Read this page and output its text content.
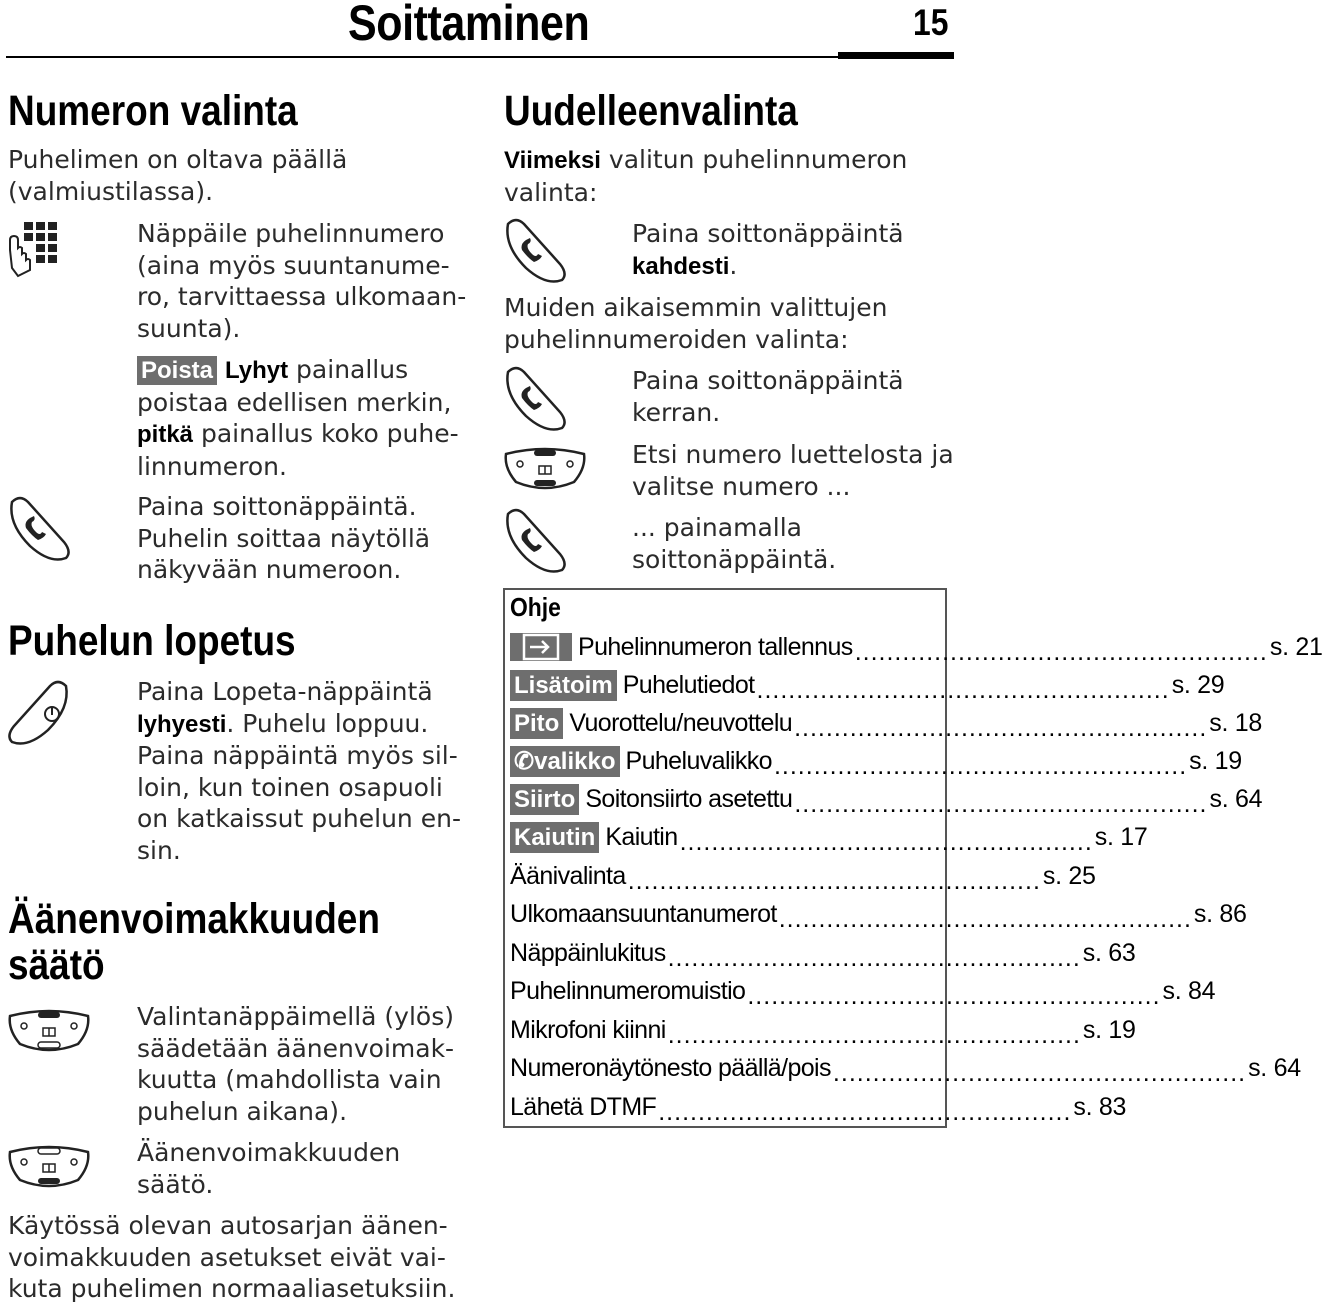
Soittaminen	15
Numeron valinta
Puhelimen on oltava päällä
(valmiustilassa).
Näppäile puhelinnumero
(aina myös suuntanume-
ro, tarvittaessa ulkomaan-
suunta).
Poista Lyhyt painallus
poistaa edellisen merkin,
pitkä painallus koko puhe-
linnumeron.
Paina soittonäppäintä.
Puhelin soittaa näytöllä
näkyvään numeroon.
Puhelun lopetus
Paina Lopeta-näppäintä
lyhyesti. Puhelu loppuu.
Paina näppäintä myös sil-
loin, kun toinen osapuoli
on katkaissut puhelun en-
sin.
Äänenvoimakkuuden
säätö
Valintanäppäimellä (ylös)
säädetään äänenvoimak-
kuutta (mahdollista vain
puhelun aikana).
Äänenvoimakkuuden
säätö.
Käytössä olevan autosarjan äänen-
voimakkuuden asetukset eivät vai-
kuta puhelimen normaaliasetuksiin.
Uudelleenvalinta
Viimeksi valitun puhelinnumeron
valinta:
Paina soittonäppäintä
kahdesti.
Muiden aikaisemmin valittujen
puhelinnumeroiden valinta:
Paina soittonäppäintä
kerran.
Etsi numero luettelosta ja
valitse numero ...
... painamalla
soittonäppäintä.
Ohje
Puhelinnumeron tallennus .................................................... s. 21
Lisätoim Puhelutiedot .................................................... s. 29
Pito Vuorottelu/neuvottelu .................................................... s. 18
✆valikko Puheluvalikko .................................................... s. 19
Siirto Soitonsiirto asetettu .................................................... s. 64
Kaiutin Kaiutin .................................................... s. 17
Äänivalinta .................................................... s. 25
Ulkomaansuuntanumerot .................................................... s. 86
Näppäinlukitus .................................................... s. 63
Puhelinnumeromuistio .................................................... s. 84
Mikrofoni kiinni .................................................... s. 19
Numeronäytönesto päällä/pois .................................................... s. 64
Lähetä DTMF .................................................... s. 83
